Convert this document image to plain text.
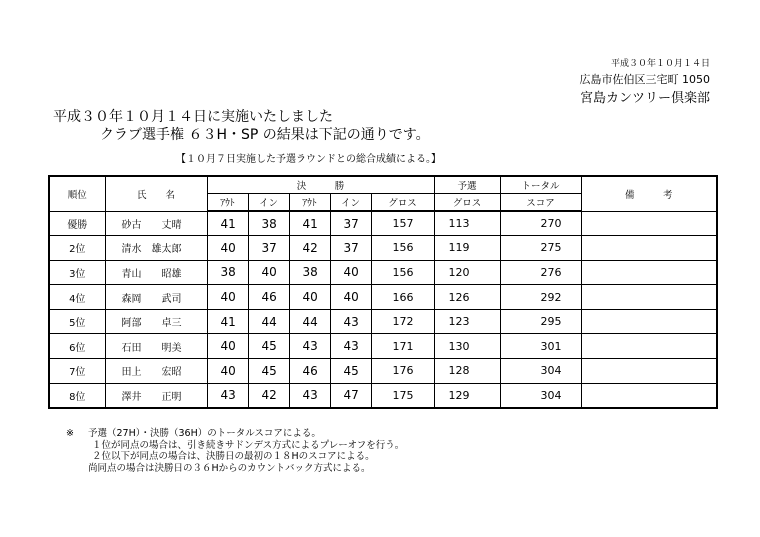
平成３０年１０月１４日
広島市佐伯区三宅町 1050
宮島カンツリー倶楽部
平成３０年１０月１４日に実施いたしました
クラブ選手権 ６３H・SP の結果は下記の通りです。
【１０月７日実施した予選ラウンドとの総合成績による。】
順位	氏   名	決    勝					予選	トータル	備    考
		ｱｳﾄ	イン	ｱｳﾄ	イン	グロス	グロス	スコア	
優勝	砂古　　丈晴	41	38	41	37	157	113	270	
2位	清水　雄太郎	40	37	42	37	156	119	275	
3位	青山　　昭雄	38	40	38	40	156	120	276	
4位	森岡　　武司	40	46	40	40	166	126	292	
5位	阿部　　卓三	41	44	44	43	172	123	295	
6位	石田　　明美	40	45	43	43	171	130	301	
7位	田上　　宏昭	40	45	46	45	176	128	304	
8位	澤井　　正明	43	42	43	47	175	129	304	
※ 予選（27H）・決勝（36H）のトータルスコアによる。
１位が同点の場合は、引き続きサドンデス方式によるプレーオフを行う。
２位以下が同点の場合は、決勝日の最初の１８Hのスコアによる。
尚同点の場合は決勝日の３６Hからのカウントバック方式による。
